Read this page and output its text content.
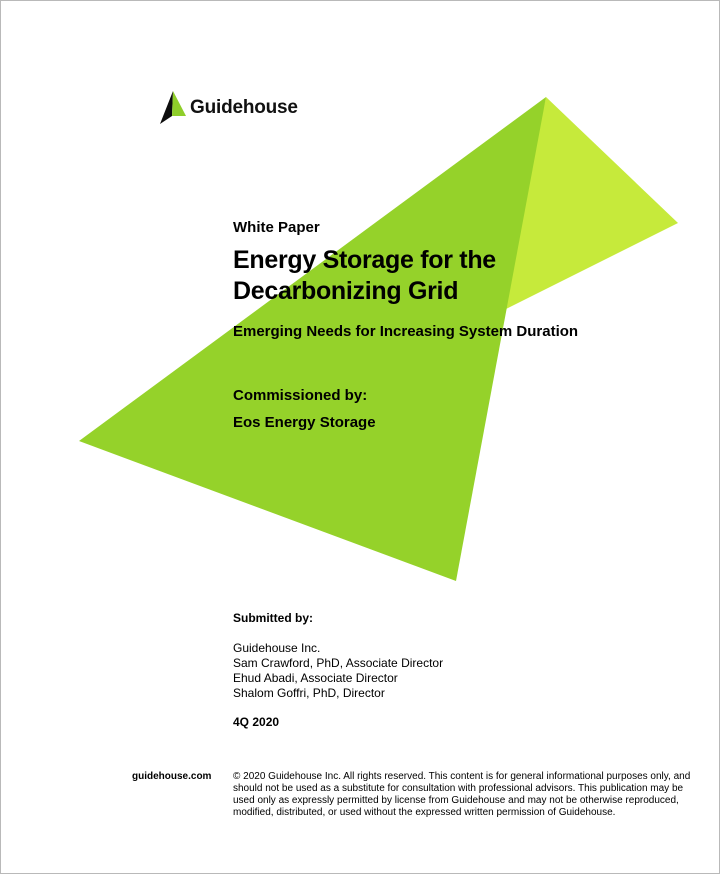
Guidehouse
White Paper
Energy Storage for the
Decarbonizing Grid
Emerging Needs for Increasing System Duration
Commissioned by:
Eos Energy Storage
Submitted by:
Guidehouse Inc.
Sam Crawford, PhD, Associate Director
Ehud Abadi, Associate Director
Shalom Goffri, PhD, Director
4Q 2020
guidehouse.com © 2020 Guidehouse Inc. All rights reserved. This content is for general informational purposes only, and should not be used as a substitute for consultation with professional advisors. This publication may be used only as expressly permitted by license from Guidehouse and may not be otherwise reproduced, modified, distributed, or used without the expressed written permission of Guidehouse.
